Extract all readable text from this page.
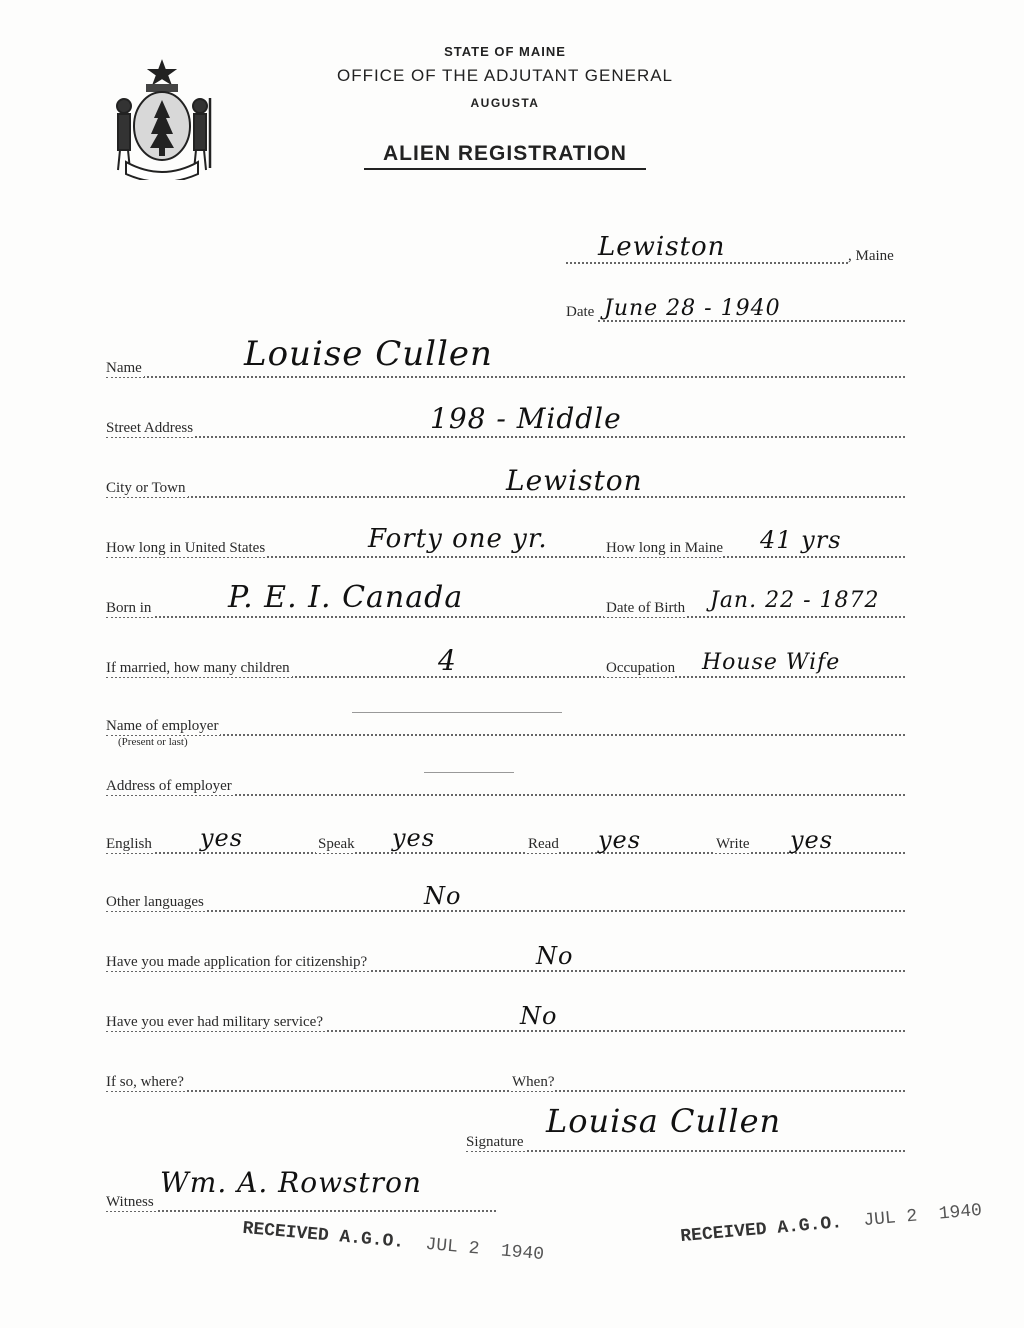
STATE OF MAINE
OFFICE OF THE ADJUTANT GENERAL
AUGUSTA
ALIEN REGISTRATION
Lewiston	, Maine
Date June 28 - 1940
Name	Louise Cullen
Street Address	198 - Middle
City or Town	Lewiston
How long in United States	Forty one yr.	How long in Maine 41 yrs
Born in	P. E. I. Canada	Date of Birth Jan. 22 - 1872
If married, how many children	4	Occupation House Wife
Name of employer
(Present or last)
Address of employer
English yes	Speak yes	Read yes	Write yes
Other languages	No
Have you made application for citizenship?	No
Have you ever had military service?	No
If so, where?	When?
Signature
Louisa Cullen
Witness
Wm. A. Rowstron
RECEIVED A.G.O. JUL 2 1940
RECEIVED A.G.O. JUL 2 1940
